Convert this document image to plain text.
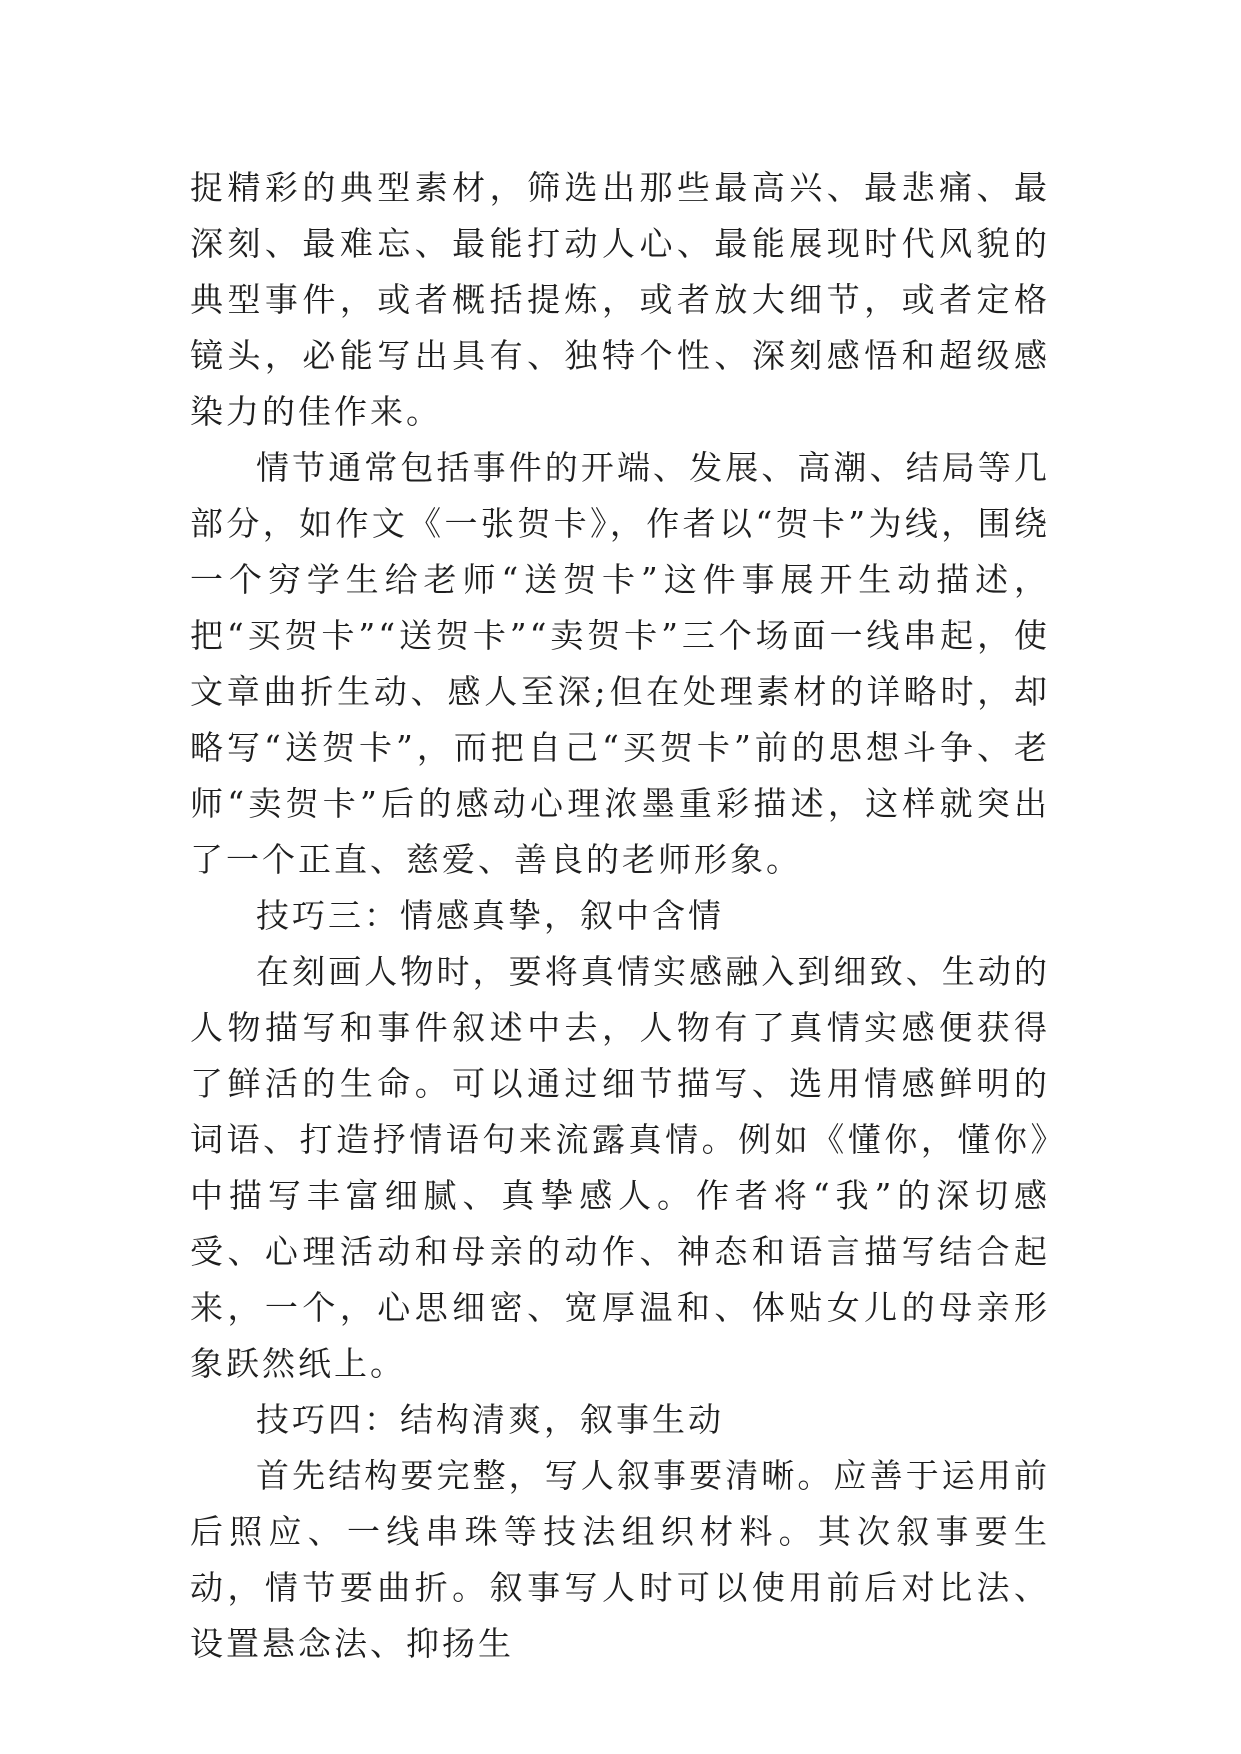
捉精彩的典型素材，筛选出那些最高兴、最悲痛、最深刻、最难忘、最能打动人心、最能展现时代风貌的典型事件，或者概括提炼，或者放大细节，或者定格镜头，必能写出具有、独特个性、深刻感悟和超级感染力的佳作来。

情节通常包括事件的开端、发展、高潮、结局等几部分，如作文《一张贺卡》，作者以“贺卡”为线，围绕一个穷学生给老师“送贺卡”这件事展开生动描述，把“买贺卡”“送贺卡”“卖贺卡”三个场面一线串起，使文章曲折生动、感人至深;但在处理素材的详略时，却略写“送贺卡”，而把自己“买贺卡”前的思想斗争、老师“卖贺卡”后的感动心理浓墨重彩描述，这样就突出了一个正直、慈爱、善良的老师形象。

技巧三：情感真挚，叙中含情

在刻画人物时，要将真情实感融入到细致、生动的人物描写和事件叙述中去，人物有了真情实感便获得了鲜活的生命。可以通过细节描写、选用情感鲜明的词语、打造抒情语句来流露真情。例如《懂你，懂你》中描写丰富细腻、真挚感人。作者将“我”的深切感受、心理活动和母亲的动作、神态和语言描写结合起来，一个，心思细密、宽厚温和、体贴女儿的母亲形象跃然纸上。

技巧四：结构清爽，叙事生动

首先结构要完整，写人叙事要清晰。应善于运用前后照应、一线串珠等技法组织材料。其次叙事要生动，情节要曲折。叙事写人时可以使用前后对比法、设置悬念法、抑扬生
